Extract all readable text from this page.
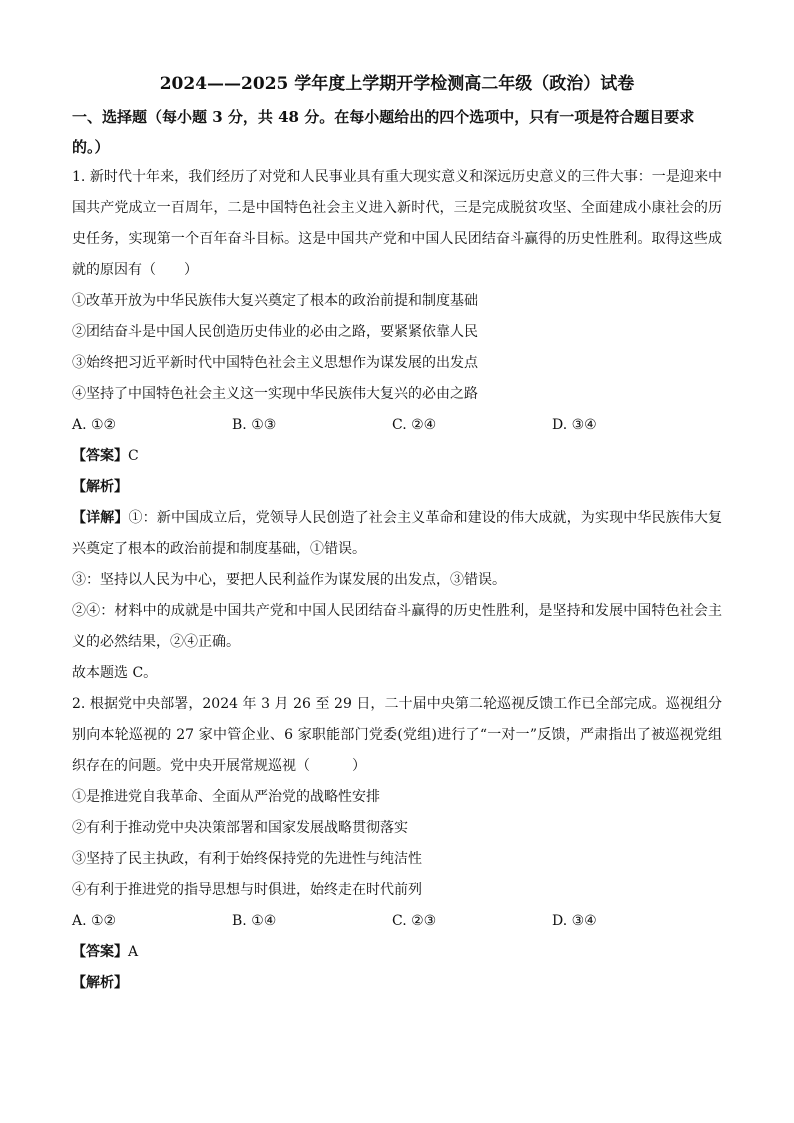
2024——2025 学年度上学期开学检测高二年级（政治）试卷

一、选择题（每小题 3 分，共 48 分。在每小题给出的四个选项中，只有一项是符合题目要求的。）

1. 新时代十年来，我们经历了对党和人民事业具有重大现实意义和深远历史意义的三件大事：一是迎来中国共产党成立一百周年，二是中国特色社会主义进入新时代，三是完成脱贫攻坚、全面建成小康社会的历史任务，实现第一个百年奋斗目标。这是中国共产党和中国人民团结奋斗赢得的历史性胜利。取得这些成就的原因有（　　）

①改革开放为中华民族伟大复兴奠定了根本的政治前提和制度基础

②团结奋斗是中国人民创造历史伟业的必由之路，要紧紧依靠人民

③始终把习近平新时代中国特色社会主义思想作为谋发展的出发点

④坚持了中国特色社会主义这一实现中华民族伟大复兴的必由之路

A. ①②	B. ①③	C. ②④	D. ③④

【答案】C

【解析】

【详解】①：新中国成立后，党领导人民创造了社会主义革命和建设的伟大成就，为实现中华民族伟大复兴奠定了根本的政治前提和制度基础，①错误。

③：坚持以人民为中心，要把人民利益作为谋发展的出发点，③错误。

②④：材料中的成就是中国共产党和中国人民团结奋斗赢得的历史性胜利，是坚持和发展中国特色社会主义的必然结果，②④正确。

故本题选 C。

2. 根据党中央部署，2024 年 3 月 26 至 29 日，二十届中央第二轮巡视反馈工作已全部完成。巡视组分别向本轮巡视的 27 家中管企业、6 家职能部门党委(党组)进行了“一对一”反馈，严肃指出了被巡视党组织存在的问题。党中央开展常规巡视（　　　）

①是推进党自我革命、全面从严治党的战略性安排

②有利于推动党中央决策部署和国家发展战略贯彻落实

③坚持了民主执政，有利于始终保持党的先进性与纯洁性

④有利于推进党的指导思想与时俱进，始终走在时代前列

A. ①②	B. ①④	C. ②③	D. ③④

【答案】A

【解析】
